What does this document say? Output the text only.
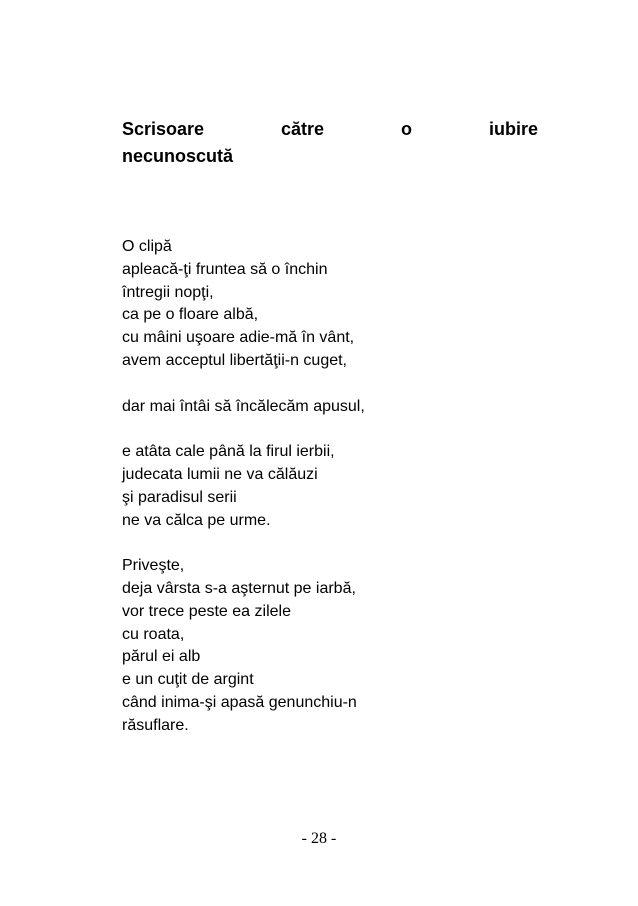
Scrisoare	către	o	iubire
necunoscută
O clipă
apleacă-ţi fruntea să o închin
întregii nopţi,
ca pe o floare albă,
cu mâini uşoare adie-mă în vânt,
avem acceptul libertăţii-n cuget,
dar mai întâi să încălecăm apusul,
e atâta cale până la firul ierbii,
judecata lumii ne va călăuzi
şi paradisul serii
ne va călca pe urme.
Priveşte,
deja vârsta s-a aşternut pe iarbă,
vor trece peste ea zilele
cu roata,
părul ei alb
e un cuţit de argint
când inima-şi apasă genunchiu-n
răsuflare.
- 28 -
